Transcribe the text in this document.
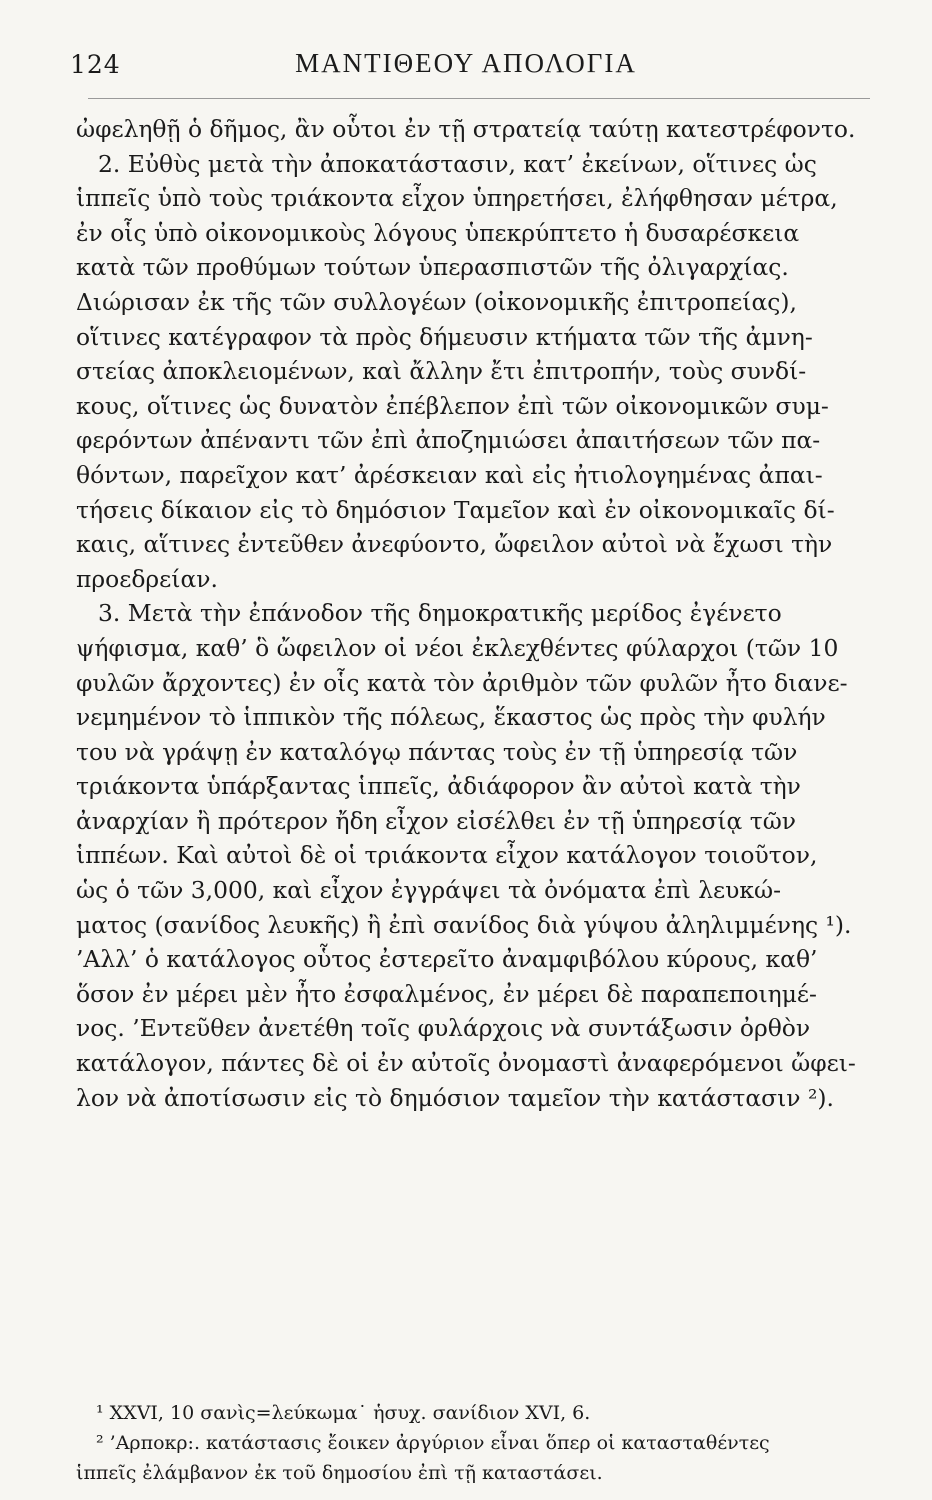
124	ΜΑΝΤΙΘΕΟΥ ΑΠΟΛΟΓΙΑ
ὠφεληθῇ ὁ δῆμος, ἂν οὗτοι ἐν τῇ στρατείᾳ ταύτῃ κατεστρέφοντο.
2. Εὐθὺς μετὰ τὴν ἀποκατάστασιν, κατ’ ἐκείνων, οἵτινες ὡς
ἱππεῖς ὑπὸ τοὺς τριάκοντα εἶχον ὑπηρετήσει, ἐλήφθησαν μέτρα,
ἐν οἷς ὑπὸ οἰκονομικοὺς λόγους ὑπεκρύπτετο ἡ δυσαρέσκεια
κατὰ τῶν προθύμων τούτων ὑπερασπιστῶν τῆς ὀλιγαρχίας.
Διώρισαν ἐκ τῆς τῶν συλλογέων (οἰκονομικῆς ἐπιτροπείας),
οἵτινες κατέγραφον τὰ πρὸς δήμευσιν κτήματα τῶν τῆς ἀμνη-
στείας ἀποκλειομένων, καὶ ἄλλην ἔτι ἐπιτροπήν, τοὺς συνδί-
κους, οἵτινες ὡς δυνατὸν ἐπέβλεπον ἐπὶ τῶν οἰκονομικῶν συμ-
φερόντων ἀπέναντι τῶν ἐπὶ ἀποζημιώσει ἀπαιτήσεων τῶν πα-
θόντων, παρεῖχον κατ’ ἀρέσκειαν καὶ εἰς ἠτιολογημένας ἀπαι-
τήσεις δίκαιον εἰς τὸ δημόσιον Ταμεῖον καὶ ἐν οἰκονομικαῖς δί-
καις, αἵτινες ἐντεῦθεν ἀνεφύοντο, ὤφειλον αὐτοὶ νὰ ἔχωσι τὴν
προεδρείαν.
3. Μετὰ τὴν ἐπάνοδον τῆς δημοκρατικῆς μερίδος ἐγένετο
ψήφισμα, καθ’ ὃ ὤφειλον οἱ νέοι ἐκλεχθέντες φύλαρχοι (τῶν 10
φυλῶν ἄρχοντες) ἐν οἷς κατὰ τὸν ἀριθμὸν τῶν φυλῶν ἦτο διανε-
νεμημένον τὸ ἱππικὸν τῆς πόλεως, ἕκαστος ὡς πρὸς τὴν φυλήν
του νὰ γράψῃ ἐν καταλόγῳ πάντας τοὺς ἐν τῇ ὑπηρεσίᾳ τῶν
τριάκοντα ὑπάρξαντας ἱππεῖς, ἀδιάφορον ἂν αὐτοὶ κατὰ τὴν
ἀναρχίαν ἢ πρότερον ἤδη εἶχον εἰσέλθει ἐν τῇ ὑπηρεσίᾳ τῶν
ἱππέων. Καὶ αὐτοὶ δὲ οἱ τριάκοντα εἶχον κατάλογον τοιοῦτον,
ὡς ὁ τῶν 3,000, καὶ εἶχον ἐγγράψει τὰ ὀνόματα ἐπὶ λευκώ-
ματος (σανίδος λευκῆς) ἢ ἐπὶ σανίδος διὰ γύψου ἀληλιμμένης ¹).
’Αλλ’ ὁ κατάλογος οὗτος ἐστερεῖτο ἀναμφιβόλου κύρους, καθ’
ὅσον ἐν μέρει μὲν ἦτο ἐσφαλμένος, ἐν μέρει δὲ παραπεποιημέ-
νος. ’Εντεῦθεν ἀνετέθη τοῖς φυλάρχοις νὰ συντάξωσιν ὀρθὸν
κατάλογον, πάντες δὲ οἱ ἐν αὐτοῖς ὀνομαστὶ ἀναφερόμενοι ὤφει-
λον νὰ ἀποτίσωσιν εἰς τὸ δημόσιον ταμεῖον τὴν κατάστασιν ²).
¹ XXVI, 10 σανὶς=λεύκωμα˙ ἡσυχ. σανίδιον XVI, 6.
² ’Αρποκρ:. κατάστασις ἔοικεν ἀργύριον εἶναι ὅπερ οἱ κατασταθέντες
ἱππεῖς ἐλάμβανον ἐκ τοῦ δημοσίου ἐπὶ τῇ καταστάσει.
